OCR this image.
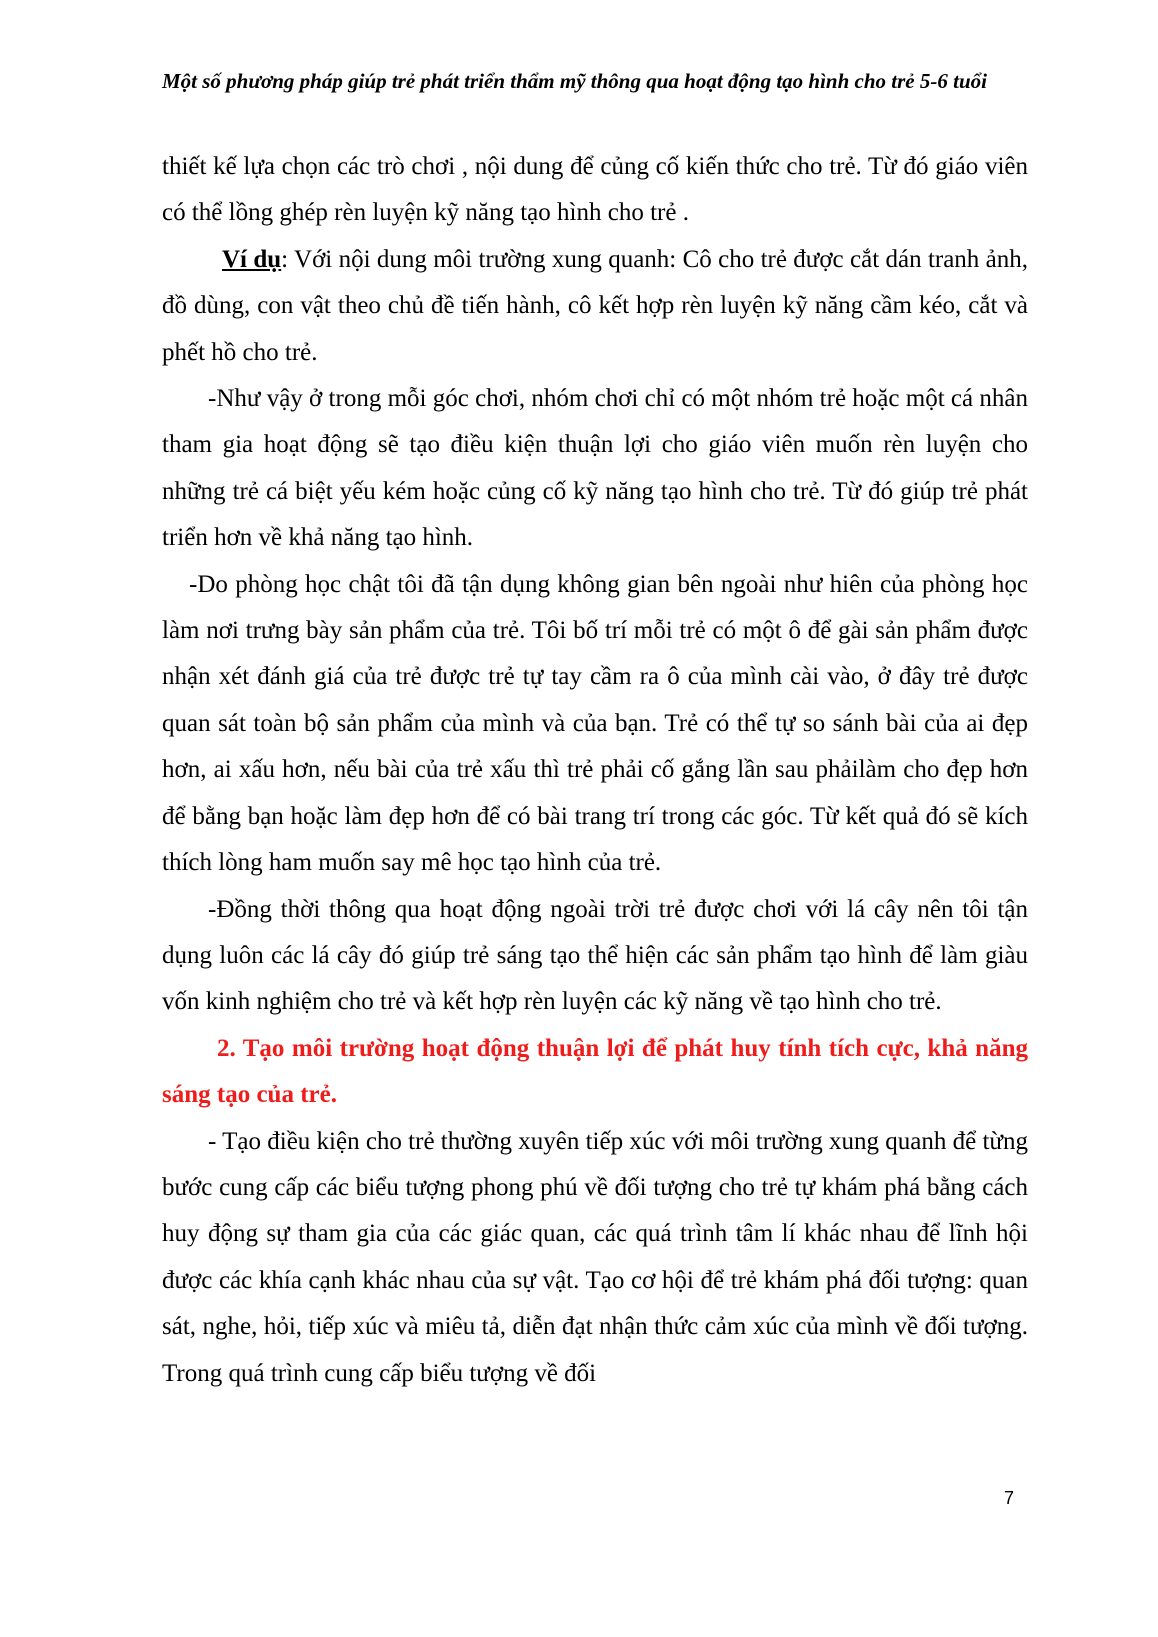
Một số phương pháp giúp trẻ phát triển thẩm mỹ thông qua hoạt động tạo hình cho trẻ 5-6 tuổi

thiết kế lựa chọn các trò chơi , nội dung để củng cố kiến thức cho trẻ. Từ đó giáo viên có thể lồng ghép rèn luyện kỹ năng tạo hình cho trẻ .

Ví dụ: Với nội dung môi trường xung quanh: Cô cho trẻ được cắt dán tranh ảnh, đồ dùng, con vật theo chủ đề tiến hành, cô kết hợp rèn luyện kỹ năng cầm kéo, cắt và phết hồ cho trẻ.

-Như vậy ở trong mỗi góc chơi, nhóm chơi chỉ có một nhóm trẻ hoặc một cá nhân tham gia hoạt động sẽ tạo điều kiện thuận lợi cho giáo viên muốn rèn luyện cho những trẻ cá biệt yếu kém hoặc củng cố kỹ năng tạo hình cho trẻ. Từ đó giúp trẻ phát triển hơn về khả năng tạo hình.

-Do phòng học chật tôi đã tận dụng không gian bên ngoài như hiên của phòng học làm nơi trưng bày sản phẩm của trẻ. Tôi bố trí mỗi trẻ có một ô để gài sản phẩm được nhận xét đánh giá của trẻ được trẻ tự tay cầm ra ô của mình cài vào, ở đây trẻ được quan sát toàn bộ sản phẩm của mình và của bạn. Trẻ có thể tự so sánh bài của ai đẹp hơn, ai xấu hơn, nếu bài của trẻ xấu thì trẻ phải cố gắng lần sau phảilàm cho đẹp hơn để bằng bạn hoặc làm đẹp hơn để có bài trang trí trong các góc. Từ kết quả đó sẽ kích thích lòng ham muốn say mê học tạo hình của trẻ.

-Đồng thời thông qua hoạt động ngoài trời trẻ được chơi với lá cây nên tôi tận dụng luôn các lá cây đó giúp trẻ sáng tạo thể hiện các sản phẩm tạo hình để làm giàu vốn kinh nghiệm cho trẻ và kết hợp rèn luyện các kỹ năng về tạo hình cho trẻ.

2. Tạo môi trường hoạt động thuận lợi để phát huy tính tích cực, khả năng sáng tạo của trẻ.

- Tạo điều kiện cho trẻ thường xuyên tiếp xúc với môi trường xung quanh để từng bước cung cấp các biểu tượng phong phú về đối tượng cho trẻ tự khám phá bằng cách huy động sự tham gia của các giác quan, các quá trình tâm lí khác nhau để lĩnh hội được các khía cạnh khác nhau của sự vật. Tạo cơ hội để trẻ khám phá đối tượng: quan sát, nghe, hỏi, tiếp xúc và miêu tả, diễn đạt nhận thức cảm xúc của mình về đối tượng. Trong quá trình cung cấp biểu tượng về đối

7
